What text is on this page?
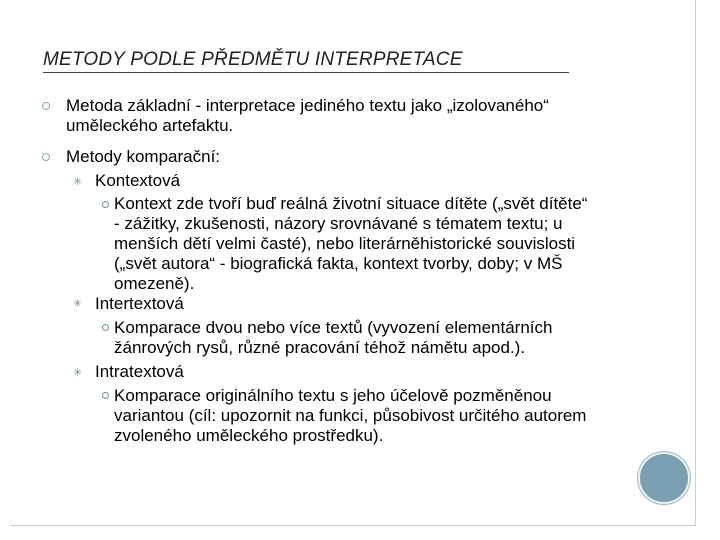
METODY PODLE PŘEDMĚTU INTERPRETACE
Metoda základní - interpretace jediného textu jako „izolovaného“
uměleckého artefaktu.
Metody komparační:
✳ Kontextová
Kontext zde tvoří buď reálná životní situace dítěte („svět dítěte“
- zážitky, zkušenosti, názory srovnávané s tématem textu; u
menších dětí velmi časté), nebo literárněhistorické souvislosti
(„svět autora“ - biografická fakta, kontext tvorby, doby; v MŠ
omezeně).
✳ Intertextová
Komparace dvou nebo více textů (vyvození elementárních
žánrových rysů, různé pracování téhož námětu apod.).
✳ Intratextová
Komparace originálního textu s jeho účelově pozměněnou
variantou (cíl: upozornit na funkci, působivost určitého autorem
zvoleného uměleckého prostředku).
